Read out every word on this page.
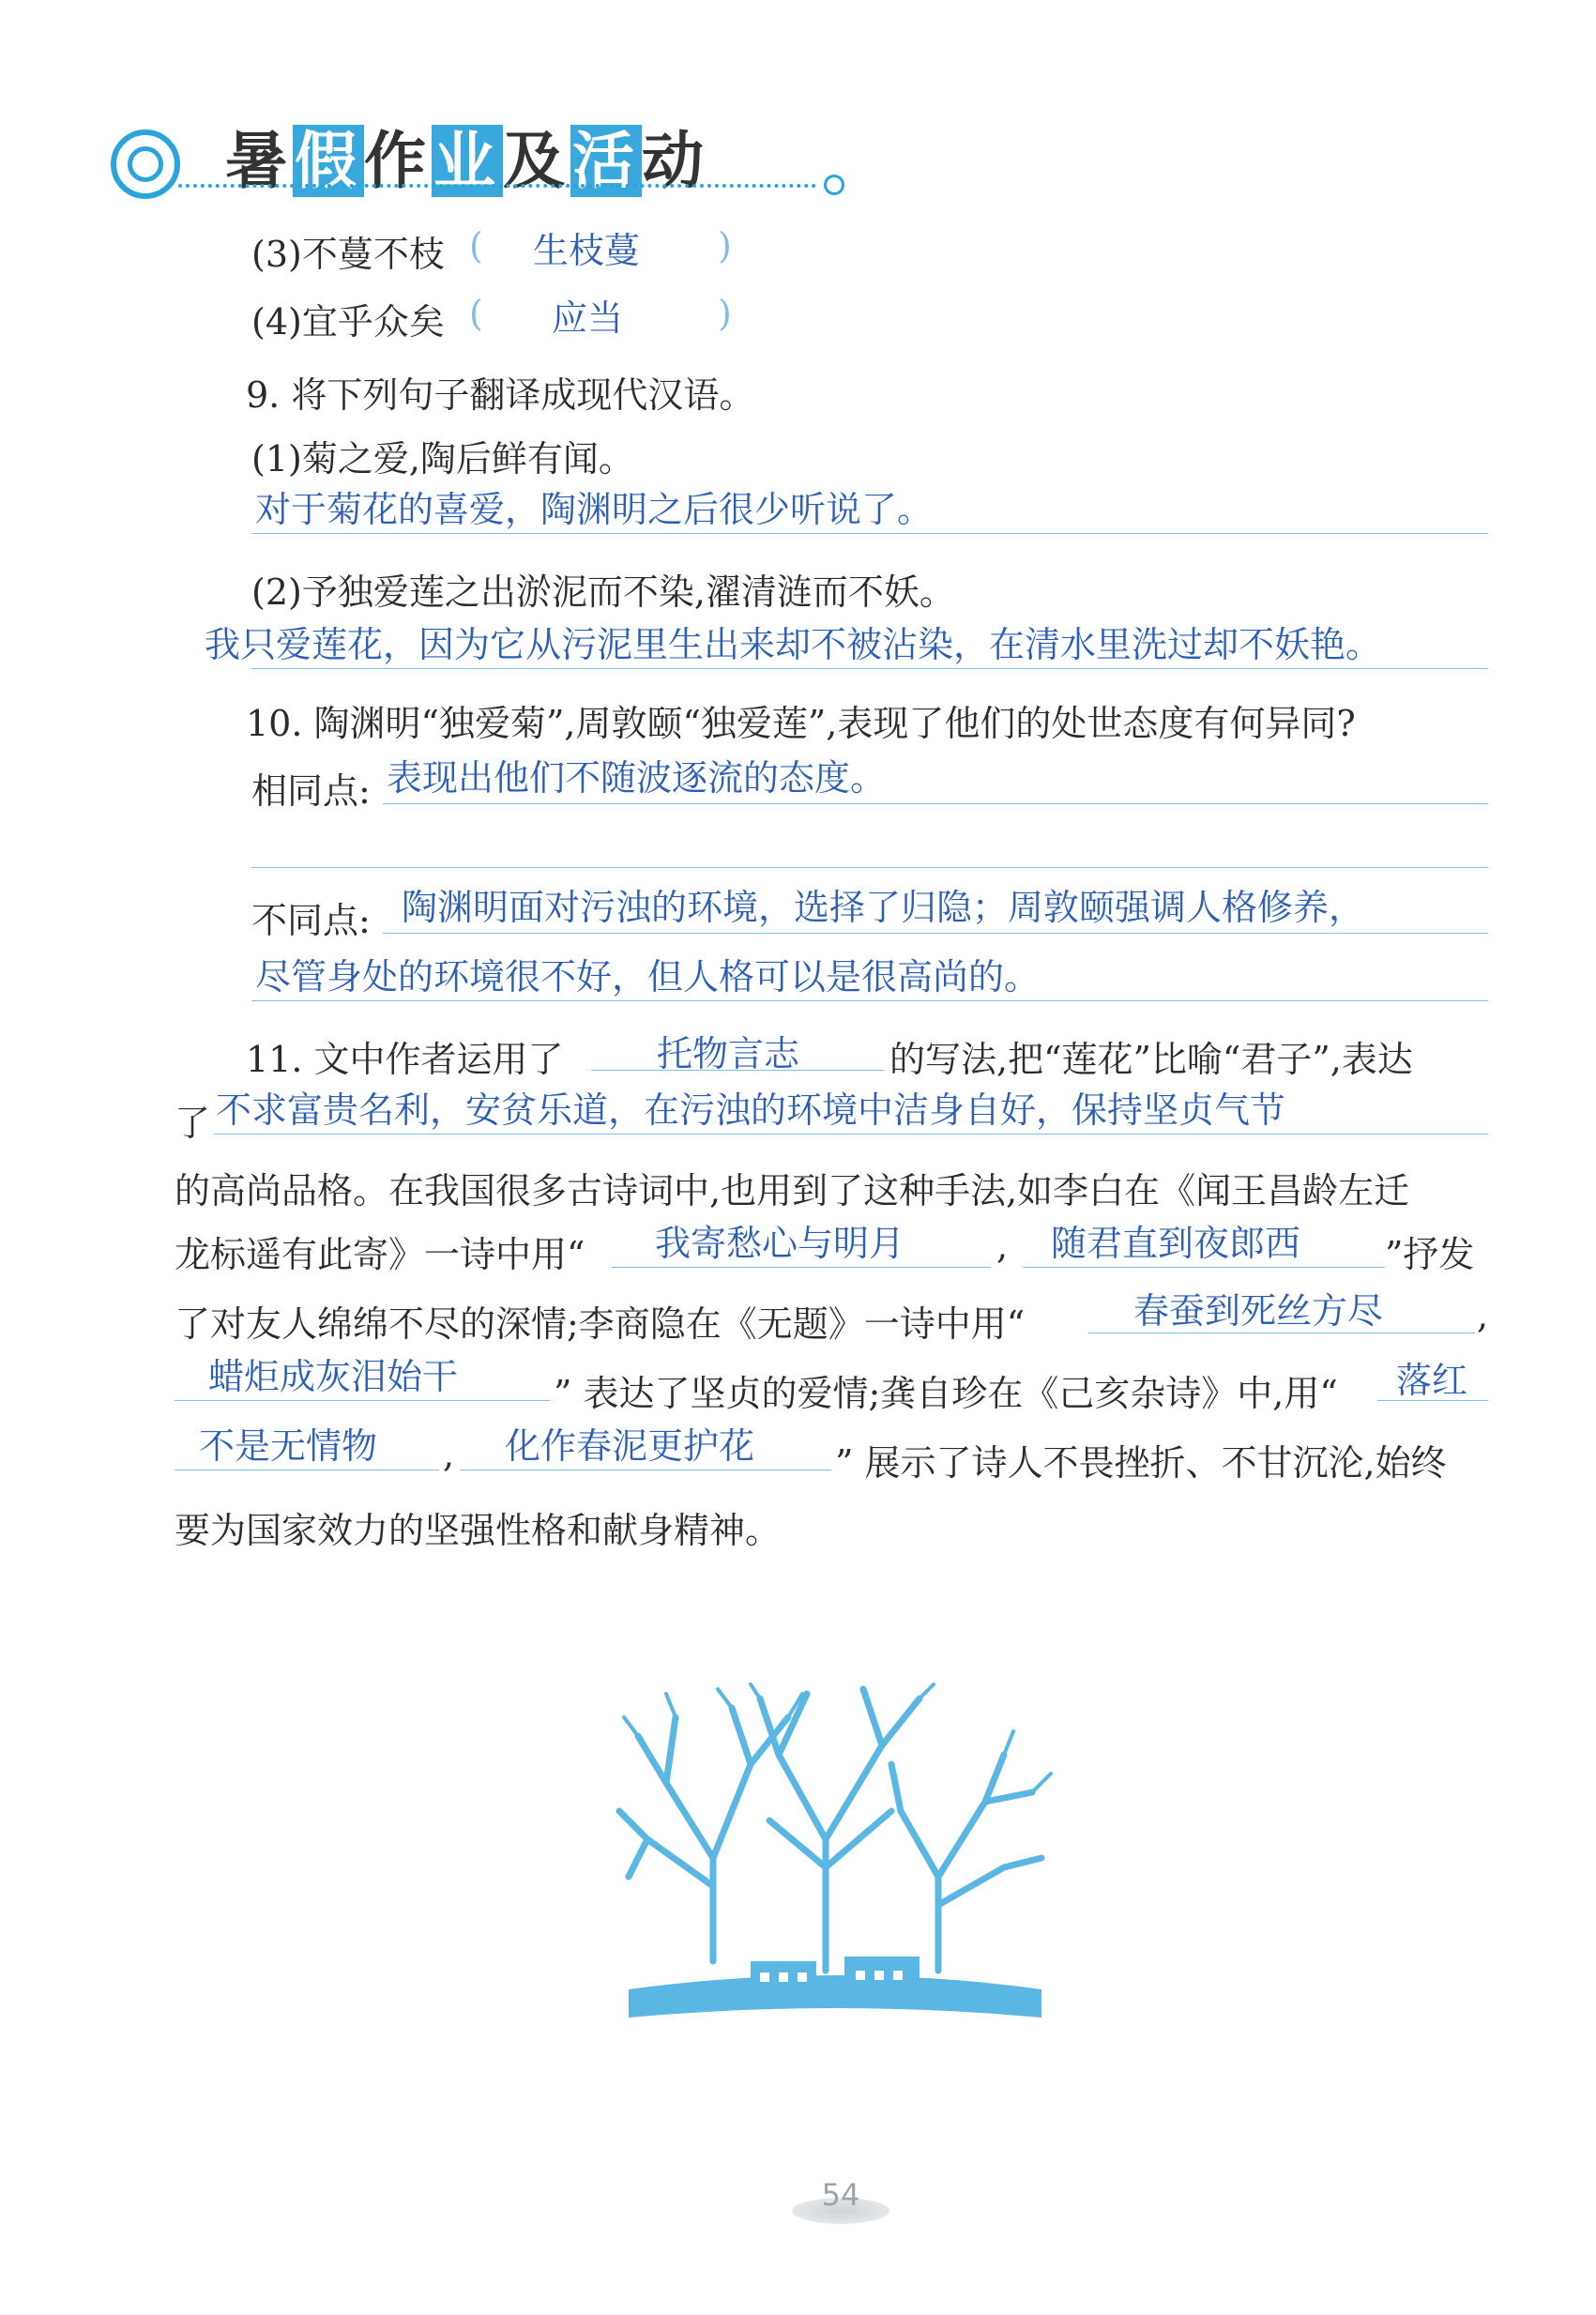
暑假作业及活动
(3)不蔓不枝 ( 生枝蔓 )
(4)宜乎众矣 ( 应当	)
9. 将下列句子翻译成现代汉语。
(1)菊之爱,陶后鲜有闻。
对于菊花的喜爱，陶渊明之后很少听说了。
(2)予独爱莲之出淤泥而不染,濯清涟而不妖。
我只爱莲花，因为它从污泥里生出来却不被沾染，在清水里洗过却不妖艳。
10. 陶渊明“独爱菊”,周敦颐“独爱莲”,表现了他们的处世态度有何异同?
相同点: 表现出他们不随波逐流的态度。
不同点: 陶渊明面对污浊的环境，选择了归隐；周敦颐强调人格修养，
尽管身处的环境很不好，但人格可以是很高尚的。
11. 文中作者运用了	托物言志	的写法,把“莲花”比喻“君子”,表达
了 不求富贵名利，安贫乐道，在污浊的环境中洁身自好，保持坚贞气节
的高尚品格。在我国很多古诗词中,也用到了这种手法,如李白在《闻王昌龄左迁
龙标遥有此寄》一诗中用“ 我寄愁心与明月	, 随君直到夜郎西 ”抒发
了对友人绵绵不尽的深情;李商隐在《无题》一诗中用“	春蚕到死丝方尽	,
蜡炬成灰泪始干	” 表达了坚贞的爱情;龚自珍在《己亥杂诗》中,用“ 落红
不是无情物 , 化作春泥更护花 ” 展示了诗人不畏挫折、不甘沉沦,始终
要为国家效力的坚强性格和献身精神。
54
